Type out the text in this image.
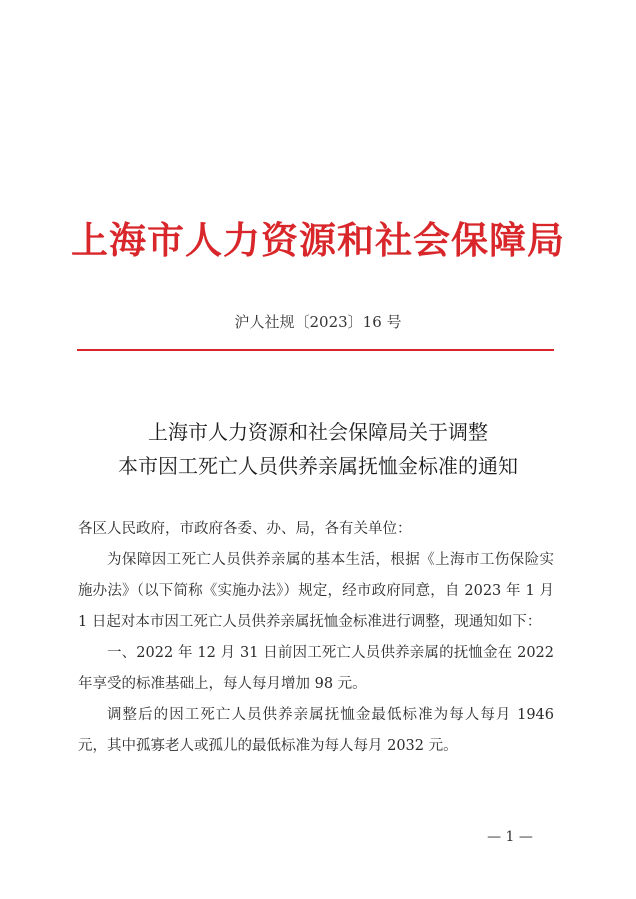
上海市人力资源和社会保障局
沪人社规〔2023〕16 号
上海市人力资源和社会保障局关于调整
本市因工死亡人员供养亲属抚恤金标准的通知

各区人民政府，市政府各委、办、局，各有关单位：

为保障因工死亡人员供养亲属的基本生活，根据《上海市工伤保险实施办法》（以下简称《实施办法》）规定，经市政府同意，自 2023 年 1 月 1 日起对本市因工死亡人员供养亲属抚恤金标准进行调整，现通知如下：

一、2022 年 12 月 31 日前因工死亡人员供养亲属的抚恤金在 2022 年享受的标准基础上，每人每月增加 98 元。

调整后的因工死亡人员供养亲属抚恤金最低标准为每人每月 1946 元，其中孤寡老人或孤儿的最低标准为每人每月 2032 元。

— 1 —
